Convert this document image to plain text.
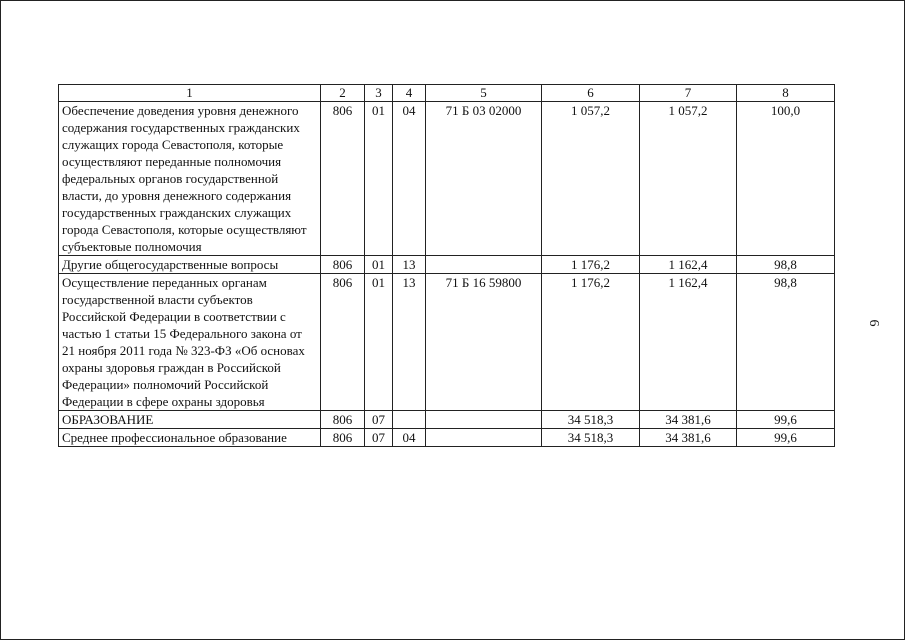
6
1	2	3	4	5	6	7	8
Обеспечение доведения уровня денежного содержания государственных гражданских служащих города Севастополя, которые осуществляют переданные полномочия федеральных органов государственной власти, до уровня денежного содержания государственных гражданских служащих города Севастополя, которые осуществляют субъектовые полномочия	806	01	04	71 Б 03 02000	1 057,2	1 057,2	100,0
Другие общегосударственные вопросы	806	01	13		1 176,2	1 162,4	98,8
Осуществление переданных органам государственной власти субъектов Российской Федерации в соответствии с частью 1 статьи 15 Федерального закона от 21 ноября 2011 года № 323-ФЗ «Об основах охраны здоровья граждан в Российской Федерации» полномочий Российской Федерации в сфере охраны здоровья	806	01	13	71 Б 16 59800	1 176,2	1 162,4	98,8
ОБРАЗОВАНИЕ	806	07			34 518,3	34 381,6	99,6
Среднее профессиональное образование	806	07	04		34 518,3	34 381,6	99,6
